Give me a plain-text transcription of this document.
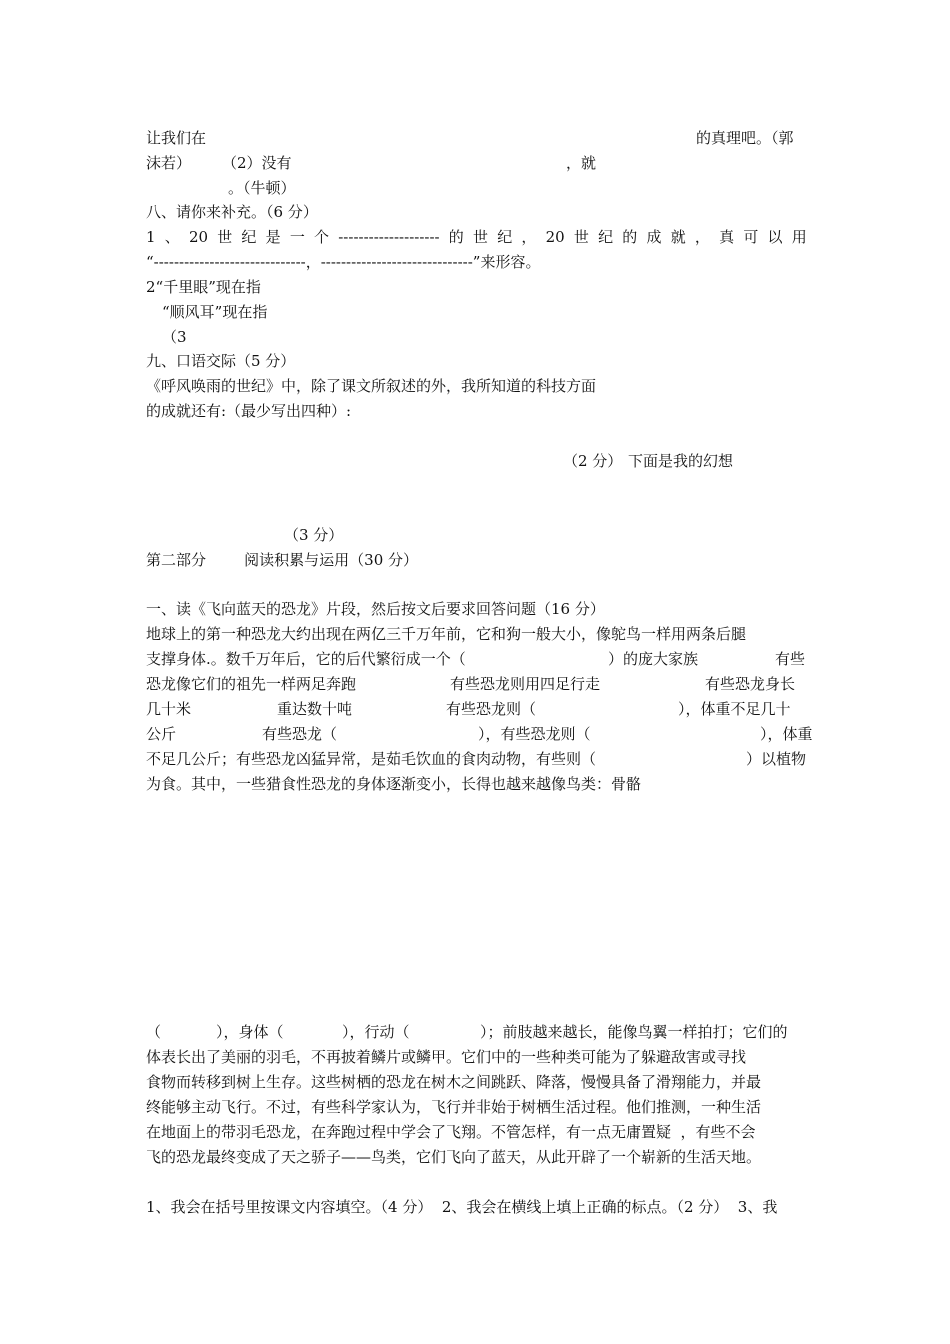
让我们在	的真理吧。（郭
沫若） （2）没有	，就
。（牛顿）
八、请你来补充。（6 分）
1 、 20 世 纪 是 一 个 -------------------- 的 世 纪 ， 20 世 纪 的 成 就 ， 真 可 以 用
“------------------------------，------------------------------”来形容。
2“千里眼”现在指
“顺风耳”现在指
（3
九、口语交际（5 分）
《呼风唤雨的世纪》中，除了课文所叙述的外，我所知道的科技方面
的成就还有:（最少写出四种）:
（2 分） 下面是我的幻想
（3 分）
第二部分        阅读积累与运用（30 分）
一、读《飞向蓝天的恐龙》片段，然后按文后要求回答问题（16 分）
地球上的第一种恐龙大约出现在两亿三千万年前，它和狗一般大小，像鸵鸟一样用两条后腿
支撑身体.。数千万年后，它的后代繁衍成一个（	）的庞大家族	有些
恐龙像它们的祖先一样两足奔跑	有些恐龙则用四足行走	有些恐龙身长
几十米	重达数十吨	有些恐龙则（	），体重不足几十
公斤	有些恐龙（	），有些恐龙则（	），体重
不足几公斤；有些恐龙凶猛异常，是茹毛饮血的食肉动物，有些则（	）以植物
为食。其中，一些猎食性恐龙的身体逐渐变小，长得也越来越像鸟类：骨骼
（	），身体（	），行动（	）；前肢越来越长，能像鸟翼一样拍打；它们的
体表长出了美丽的羽毛，不再披着鳞片或鳞甲。它们中的一些种类可能为了躲避敌害或寻找
食物而转移到树上生存。这些树栖的恐龙在树木之间跳跃、降落，慢慢具备了滑翔能力，并最
终能够主动飞行。不过，有些科学家认为，飞行并非始于树栖生活过程。他们推测，一种生活
在地面上的带羽毛恐龙，在奔跑过程中学会了飞翔。不管怎样，有一点无庸置疑  ，有些不会
飞的恐龙最终变成了天之骄子——鸟类，它们飞向了蓝天，从此开辟了一个崭新的生活天地。
1、我会在括号里按课文内容填空。（4 分）  2、我会在横线上填上正确的标点。（2 分）  3、我
